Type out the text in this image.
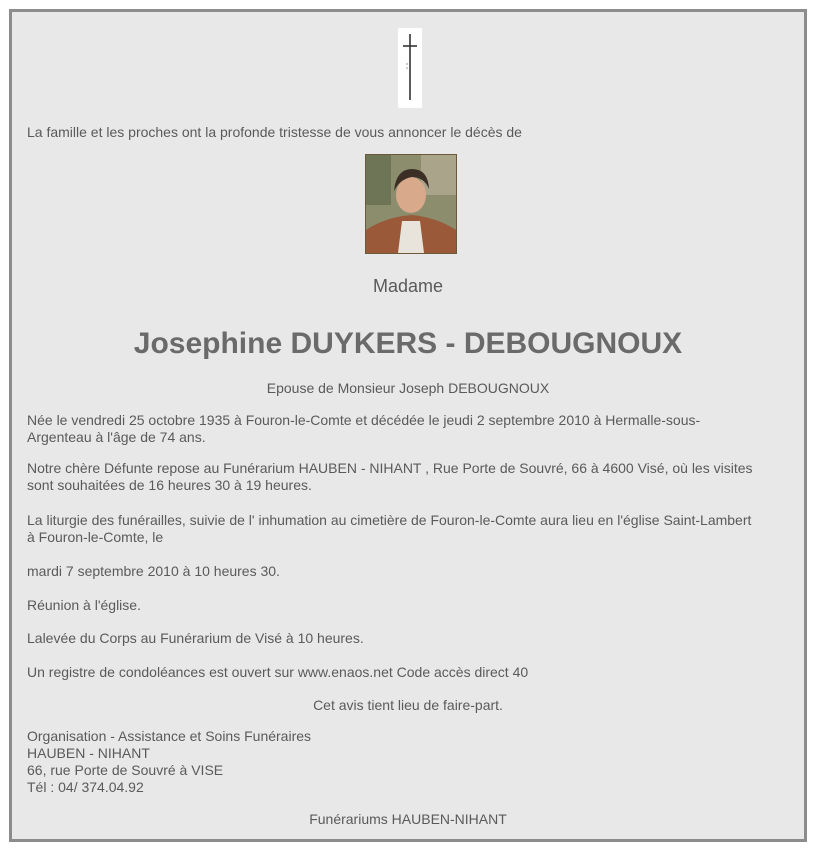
La famille et les proches ont la profonde tristesse de vous annoncer le décès de
Madame
Josephine DUYKERS - DEBOUGNOUX
Epouse de Monsieur Joseph DEBOUGNOUX
Née le vendredi 25 octobre 1935 à Fouron-le-Comte et décédée le jeudi 2 septembre 2010 à Hermalle-sous-
Argenteau à l'âge de 74 ans.
Notre chère Défunte repose au Funérarium HAUBEN - NIHANT , Rue Porte de Souvré, 66 à 4600 Visé, où les visites
sont souhaitées de 16 heures 30 à 19 heures.
La liturgie des funérailles, suivie de l' inhumation au cimetière de Fouron-le-Comte aura lieu en l'église Saint-Lambert
à Fouron-le-Comte, le
mardi 7 septembre 2010 à 10 heures 30.
Réunion à l'église.
Lalevée du Corps au Funérarium de Visé à 10 heures.
Un registre de condoléances est ouvert sur www.enaos.net Code accès direct 40
Cet avis tient lieu de faire-part.
Organisation - Assistance et Soins Funéraires
HAUBEN - NIHANT
66, rue Porte de Souvré à VISE
Tél : 04/ 374.04.92
Funérariums HAUBEN-NIHANT
